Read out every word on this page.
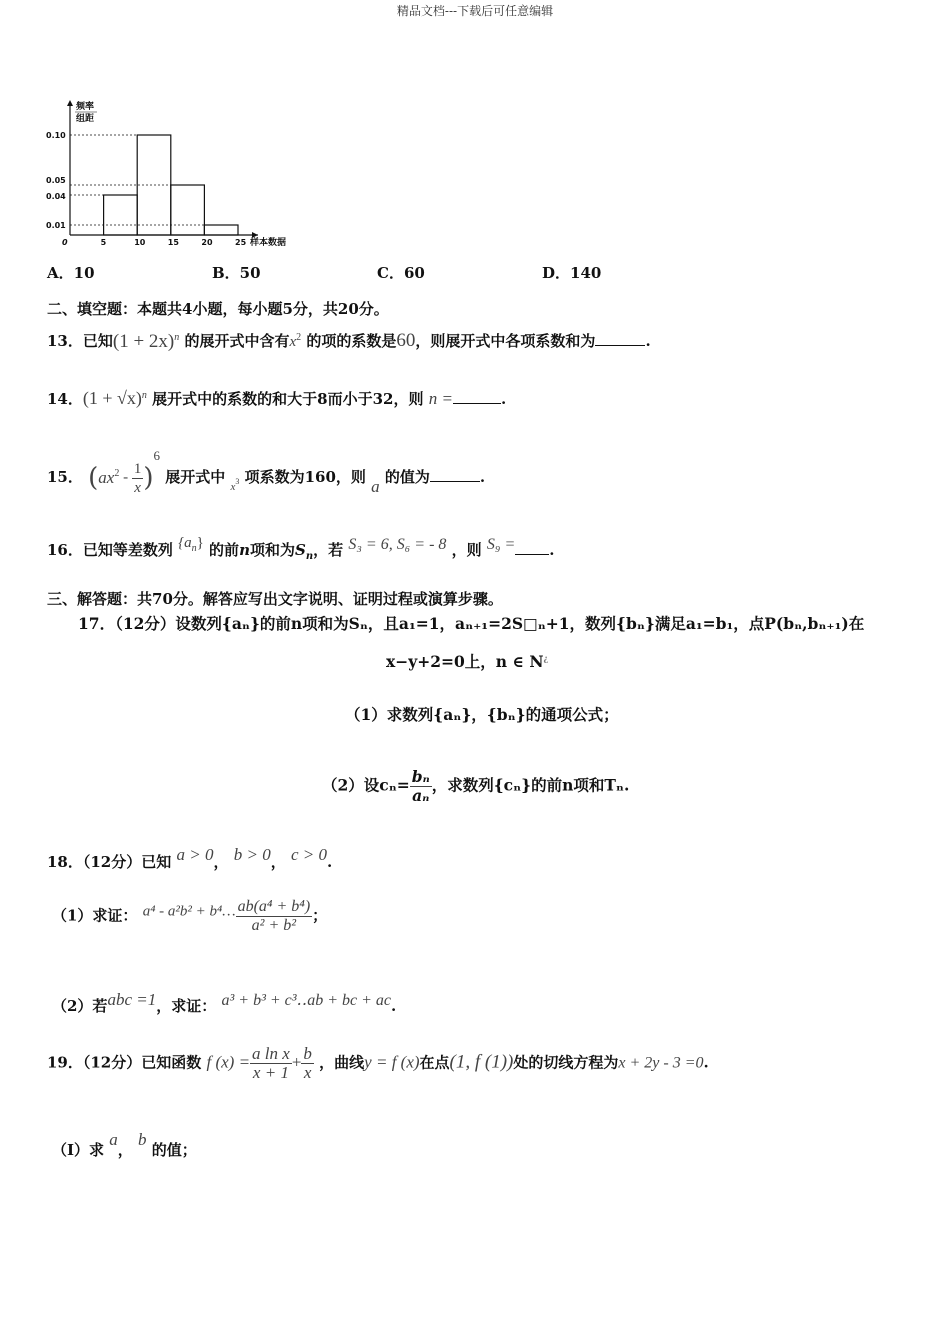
精品文档---下载后可任意编辑
0.10
0.05
0.04
0.01
0	5	10	15	20	25
频率
组距
样本数据
A．10	B．50	C．60	D．140
二、填空题：本题共4小题，每小题5分，共20分。
13．已知$(1 + 2x)^n$ 的展开式中含有$x^2$ 的项的系数是60，则展开式中各项系数和为	.
14．$(1 + √x)^n$ 展开式中的系数的和大于8而小于32，则 n =	.
15． $(ax^2 - \frac{1}{x} )6$ 展开式中 $_x$3 项系数为160，则 a 的值为	.
16．已知等差数列 $\{a^n\}$ 的前n项和为$S_n$，若 S₃ = 6, S₆ = - 8 ，则 S₉ = .
三、解答题：共70分。解答应写出文字说明、证明过程或演算步骤。
17．（12分）设数列{aₙ}的前n项和为Sₙ，且a₁=1，aₙ₊₁=2S□ₙ+1，数列{bₙ}满足a₁=b₁，点P(bₙ,bₙ₊₁)在
x−y+2=0上，n ∈ N¿
（1）求数列{aₙ}，{bₙ}的通项公式；
（2）设$c_n= \frac{\text{bₙ}}{\text{aₙ}}$ ，求数列{cₙ}的前n项和Tₙ.
18．（12分）已知 a > 0， b > 0， c > 0.
（1）求证： a⁴ - a²b² + b⁴… $\frac{\text{ab(a⁴ + b⁴)}}{\text{a² + b²}}$ ；
（2）若abc =1，求证： a³ + b³ + c³‥ab + bc + ac.
19．（12分）已知函数 f $(x) = \frac{\text{a ln x}}{x + 1} + \frac{b}{x}$ ，曲线y = f (x)在点(1, f (1))处的切线方程为x + 2y - 3 =0.
（Ⅰ）求 a， b 的值；
